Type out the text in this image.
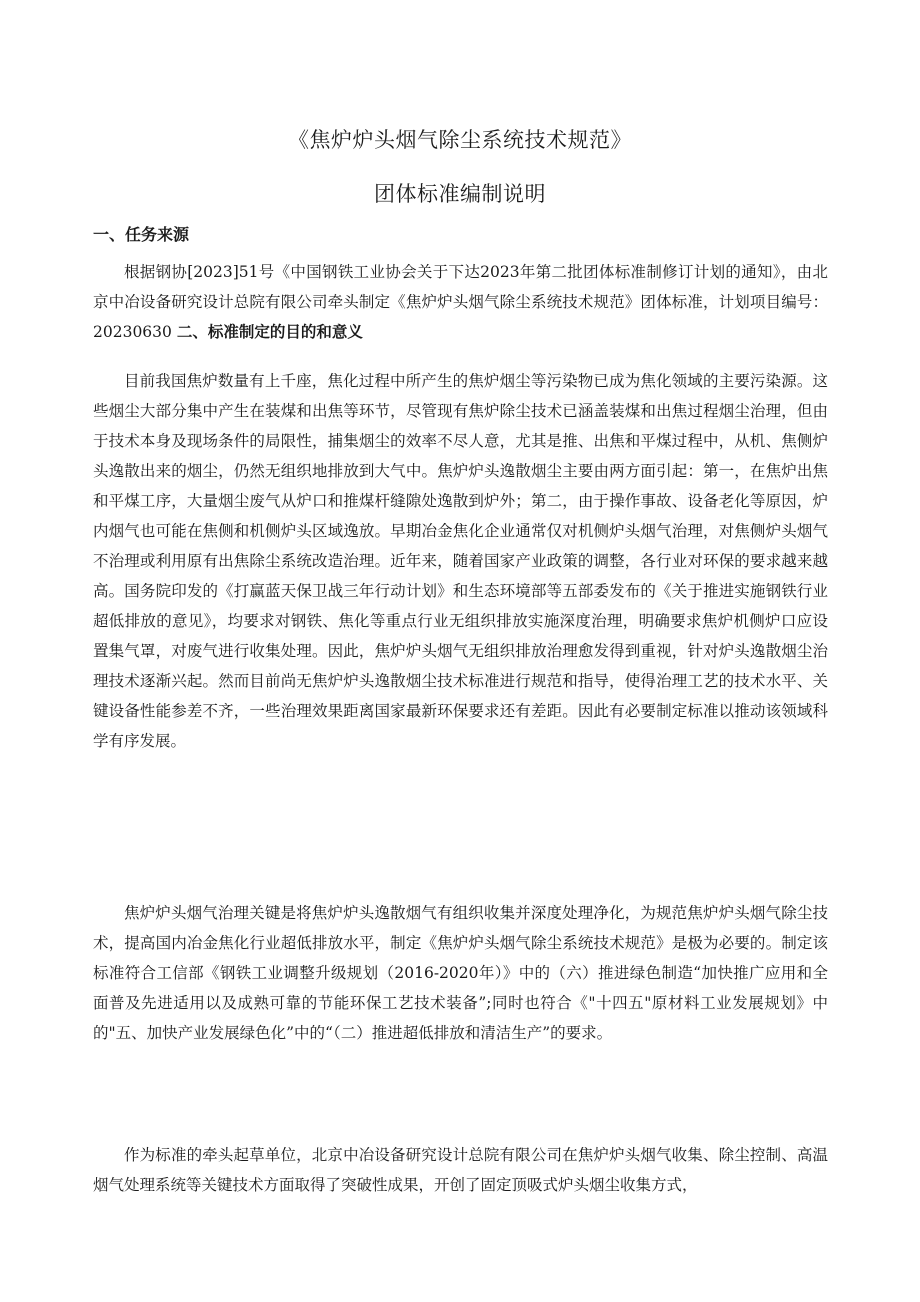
《焦炉炉头烟气除尘系统技术规范》
团体标准编制说明
一、任务来源

根据钢协[2023]51号《中国钢铁工业协会关于下达2023年第二批团体标准制修订计划的通知》，由北京中冶设备研究设计总院有限公司牵头制定《焦炉炉头烟气除尘系统技术规范》团体标准，计划项目编号：20230630 二、标准制定的目的和意义

目前我国焦炉数量有上千座，焦化过程中所产生的焦炉烟尘等污染物已成为焦化领域的主要污染源。这些烟尘大部分集中产生在装煤和出焦等环节，尽管现有焦炉除尘技术已涵盖装煤和出焦过程烟尘治理，但由于技术本身及现场条件的局限性，捕集烟尘的效率不尽人意，尤其是推、出焦和平煤过程中，从机、焦侧炉头逸散出来的烟尘，仍然无组织地排放到大气中。焦炉炉头逸散烟尘主要由两方面引起：第一，在焦炉出焦和平煤工序，大量烟尘废气从炉口和推煤杆缝隙处逸散到炉外；第二，由于操作事故、设备老化等原因，炉内烟气也可能在焦侧和机侧炉头区域逸放。早期冶金焦化企业通常仅对机侧炉头烟气治理，对焦侧炉头烟气不治理或利用原有出焦除尘系统改造治理。近年来，随着国家产业政策的调整，各行业对环保的要求越来越高。国务院印发的《打赢蓝天保卫战三年行动计划》和生态环境部等五部委发布的《关于推进实施钢铁行业超低排放的意见》，均要求对钢铁、焦化等重点行业无组织排放实施深度治理，明确要求焦炉机侧炉口应设置集气罩，对废气进行收集处理。因此，焦炉炉头烟气无组织排放治理愈发得到重视，针对炉头逸散烟尘治理技术逐渐兴起。然而目前尚无焦炉炉头逸散烟尘技术标准进行规范和指导，使得治理工艺的技术水平、关键设备性能参差不齐，一些治理效果距离国家最新环保要求还有差距。因此有必要制定标准以推动该领域科学有序发展。

焦炉炉头烟气治理关键是将焦炉炉头逸散烟气有组织收集并深度处理净化，为规范焦炉炉头烟气除尘技术，提高国内冶金焦化行业超低排放水平，制定《焦炉炉头烟气除尘系统技术规范》是极为必要的。制定该标准符合工信部《钢铁工业调整升级规划（2016-2020年）》中的（六）推进绿色制造“加快推广应用和全面普及先进适用以及成熟可靠的节能环保工艺技术装备”;同时也符合《"十四五"原材料工业发展规划》中的"五、加快产业发展绿色化”中的“（二）推进超低排放和清洁生产”的要求。

作为标准的牵头起草单位，北京中冶设备研究设计总院有限公司在焦炉炉头烟气收集、除尘控制、高温烟气处理系统等关键技术方面取得了突破性成果，开创了固定顶吸式炉头烟尘收集方式，
